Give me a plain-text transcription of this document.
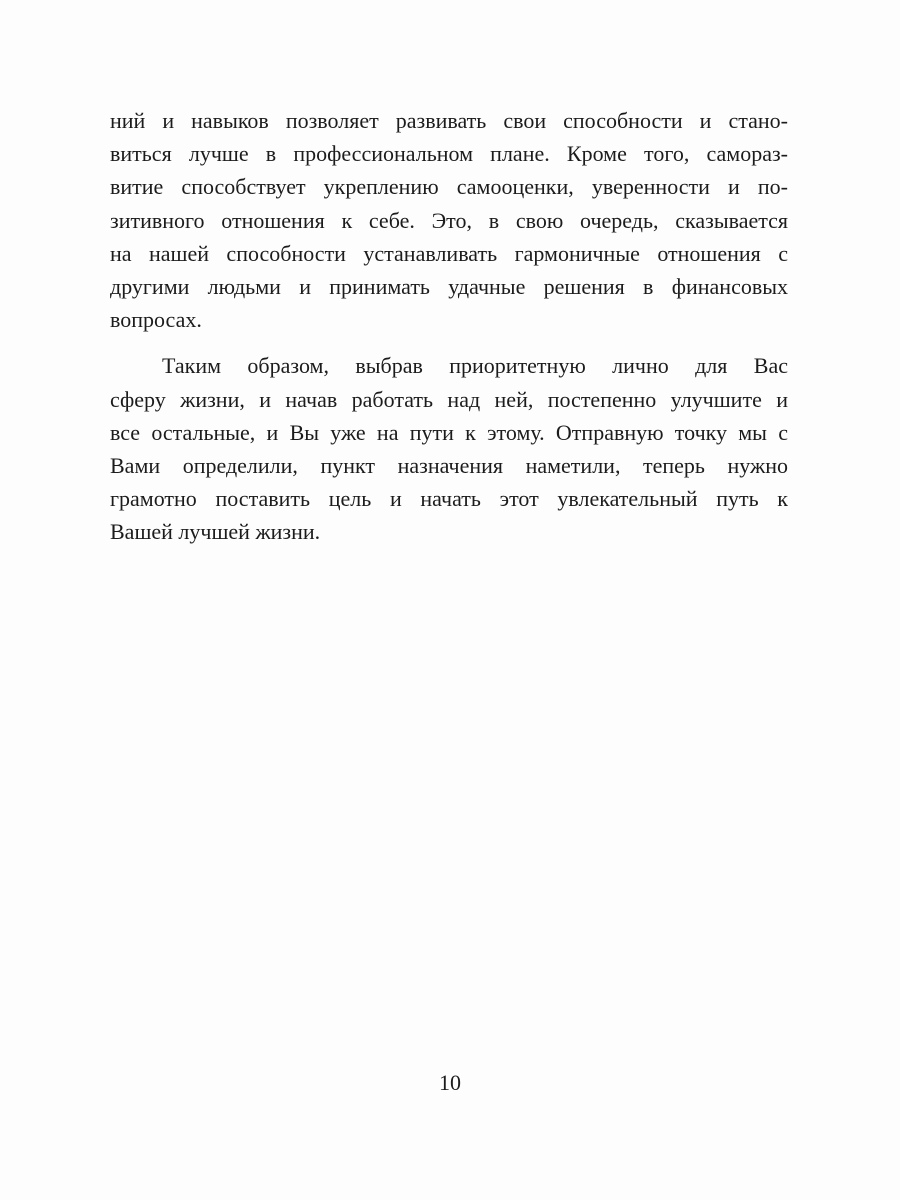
ний и навыков позволяет развивать свои способности и стано-
виться лучше в профессиональном плане. Кроме того, самораз-
витие способствует укреплению самооценки, уверенности и по-
зитивного отношения к себе. Это, в свою очередь, сказывается
на нашей способности устанавливать гармоничные отношения с
другими людьми и принимать удачные решения в финансовых
вопросах.
Таким образом, выбрав приоритетную лично для Вас
сферу жизни, и начав работать над ней, постепенно улучшите и
все остальные, и Вы уже на пути к этому. Отправную точку мы с
Вами определили, пункт назначения наметили, теперь нужно
грамотно поставить цель и начать этот увлекательный путь к
Вашей лучшей жизни.
10
